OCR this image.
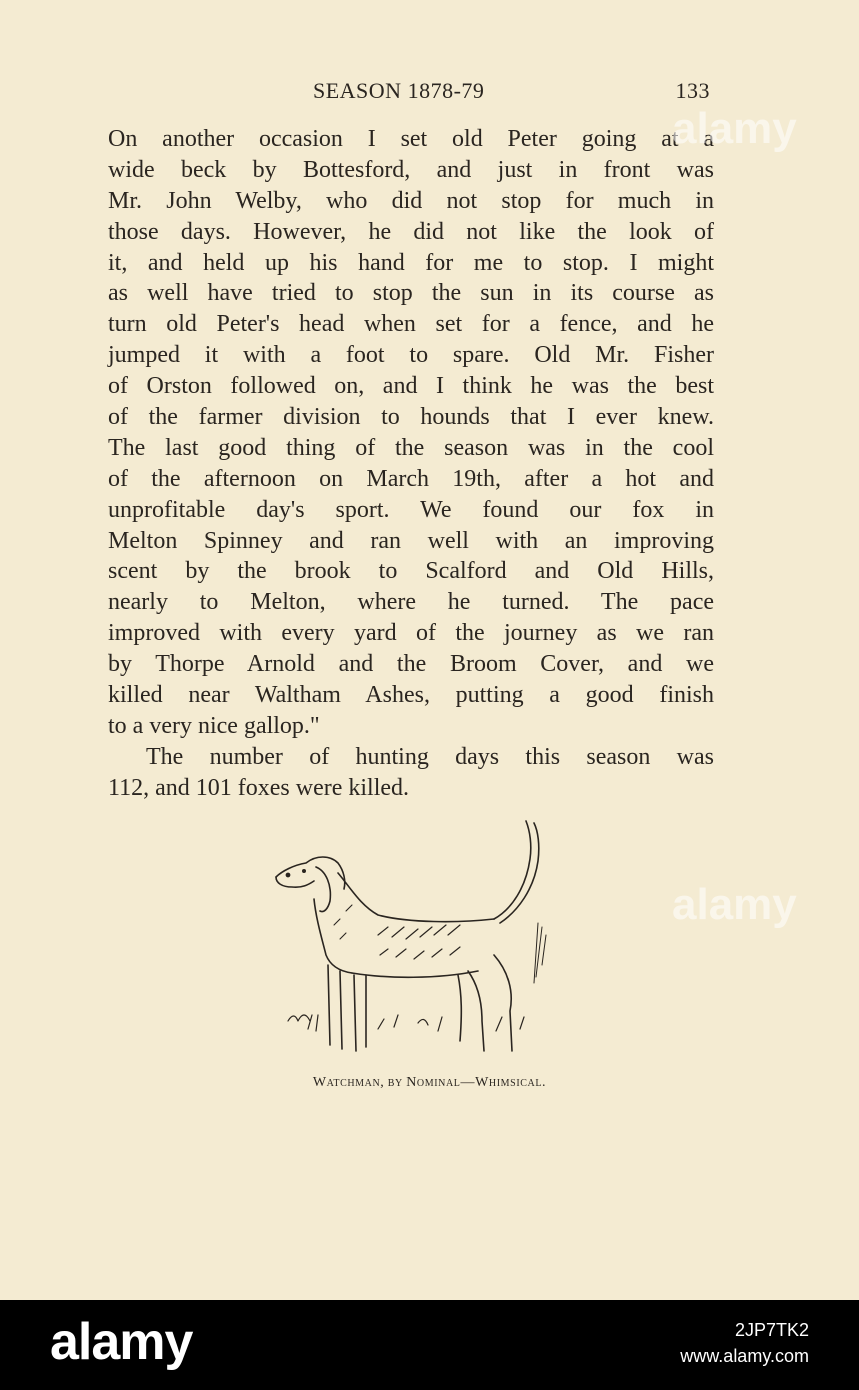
SEASON 1878-79	133
On another occasion I set old Peter going at a
wide beck by Bottesford, and just in front was
Mr. John Welby, who did not stop for much in
those days. However, he did not like the look of
it, and held up his hand for me to stop. I might
as well have tried to stop the sun in its course as
turn old Peter's head when set for a fence, and he
jumped it with a foot to spare. Old Mr. Fisher
of Orston followed on, and I think he was the best
of the farmer division to hounds that I ever knew.
The last good thing of the season was in the cool
of the afternoon on March 19th, after a hot and
unprofitable day's sport. We found our fox in
Melton Spinney and ran well with an improving
scent by the brook to Scalford and Old Hills,
nearly to Melton, where he turned. The pace
improved with every yard of the journey as we ran
by Thorpe Arnold and the Broom Cover, and we
killed near Waltham Ashes, putting a good finish
to a very nice gallop."
The number of hunting days this season was
112, and 101 foxes were killed.
Watchman, by Nominal—Whimsical.
alamy
alamy
alamy	2JP7TK2
www.alamy.com
